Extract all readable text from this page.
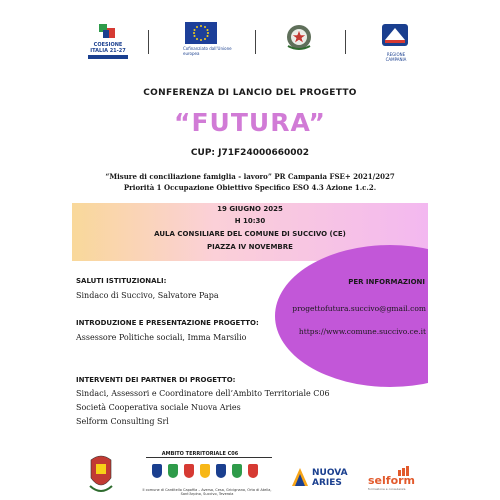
COESIONE
ITALIA 21-27	Cofinanziato dall'Unione europea	REGIONE CAMPANIA
CONFERENZA DI LANCIO DEL PROGETTO
“FUTURA”
CUP: J71F24000660002
“Misure di conciliazione famiglia - lavoro” PR Campania FSE+ 2021/2027
Priorità 1 Occupazione Obiettivo Specifico ESO 4.3 Azione 1.c.2.
19 GIUGNO 2025
H 10:30
AULA CONSILIARE DEL COMUNE DI SUCCIVO (CE)
PIAZZA IV NOVEMBRE
PER INFORMAZIONI
progettofutura.succivo@gmail.com
https://www.comune.succivo.ce.it
SALUTI ISTITUZIONALI:
Sindaco di Succivo, Salvatore Papa
INTRODUZIONE E PRESENTAZIONE PROGETTO:
Assessore Politiche sociali, Imma Marsilio
INTERVENTI DEI PARTNER DI PROGETTO:
Sindaci, Assessori e Coordinatore dell’Ambito Territoriale C06
Società Cooperativa sociale Nuova Aries
Selform Consulting Srl
AMBITO TERRITORIALE C06
Il comune di Carditello Capofila – Aversa, Cesa, Gricignano, Orta di Atella, Sant'Arpino, Succivo, Teverola
NUOVA
ARIES selform
formazione e consulenza
